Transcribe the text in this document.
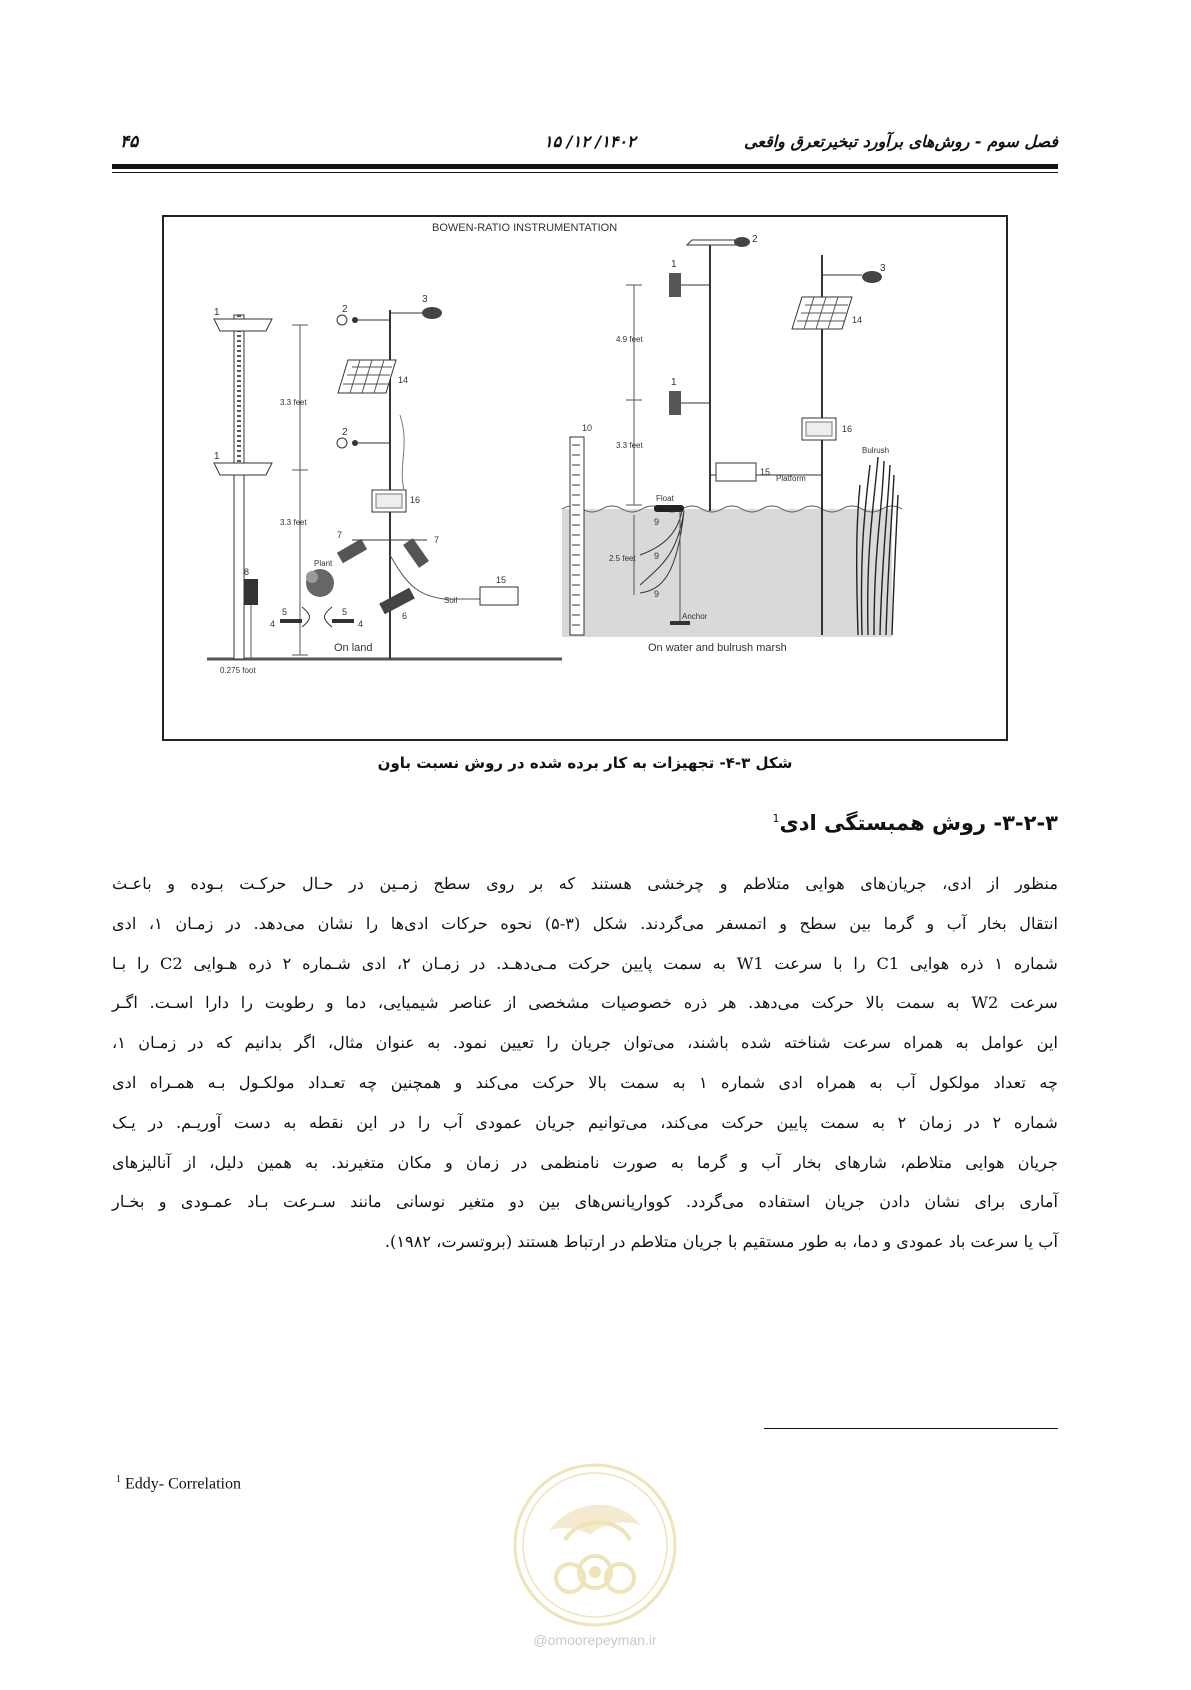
فصل سوم - روش‌های برآورد تبخیرتعرق واقعی
۱۴۰۲/ ۱۲/ ۱۵
۴۵
BOWEN-RATIO INSTRUMENTATION
1
1
3.3 feet
3.3 feet
0.275 foot
2
3
2
14
16
7	7
15
Soil
Plant
8
5	5
4	4
6
On land
10
4.9 feet
3.3 feet
2.5 feet
2
1
1
Float
9
9
9
Anchor
3
14
16
15
Platform
Bulrush
On water and bulrush marsh
شکل ۳-۴- تجهیزات به کار برده شده در روش نسبت باون
۳-۲-۳- روش همبستگی ادی$^1$
منظور از ادی، جریان‌های هوایی متلاطم و چرخشی هستند که بر روی سطح زمـین در حـال حرکـت بـوده و باعـث
انتقال بخار آب و گرما بین سطح و اتمسفر می‌گردند. شکل (۳-۵) نحوه حرکات ادی‌ها را نشان می‌دهد. در زمـان ۱، ادی
شماره ۱ ذره هوایی C1 را با سرعت W1 به سمت پایین حرکت مـی‌دهـد. در زمـان ۲، ادی شـماره ۲ ذره هـوایی C2 را بـا
سرعت W2 به سمت بالا حرکت می‌دهد. هر ذره خصوصیات مشخصی از عناصر شیمیایی، دما و رطوبت را دارا اسـت. اگـر
این عوامل به همراه سرعت شناخته شده باشند، می‌توان جریان را تعیین نمود. به عنوان مثال، اگر بدانیم که در زمـان ۱،
چه تعداد مولکول آب به همراه ادی شماره ۱ به سمت بالا حرکت می‌کند و همچنین چه تعـداد مولکـول بـه همـراه ادی
شماره ۲ در زمان ۲ به سمت پایین حرکت می‌کند، می‌توانیم جریان عمودی آب را در این نقطه به دست آوریـم. در یـک
جریان هوایی متلاطم، شارهای بخار آب و گرما به صورت نامنظمی در زمان و مکان متغیرند. به همین دلیل، از آنالیزهای
آماری برای نشان دادن جریان استفاده می‌گردد. کوواریانس‌های بین دو متغیر نوسانی مانند سـرعت بـاد عمـودی و بخـار
آب یا سرعت باد عمودی و دما، به طور مستقیم با جریان متلاطم در ارتباط هستند (بروتسرت، ۱۹۸۲).
$^1$ Eddy- Correlation
@omoorepeyman.ir
